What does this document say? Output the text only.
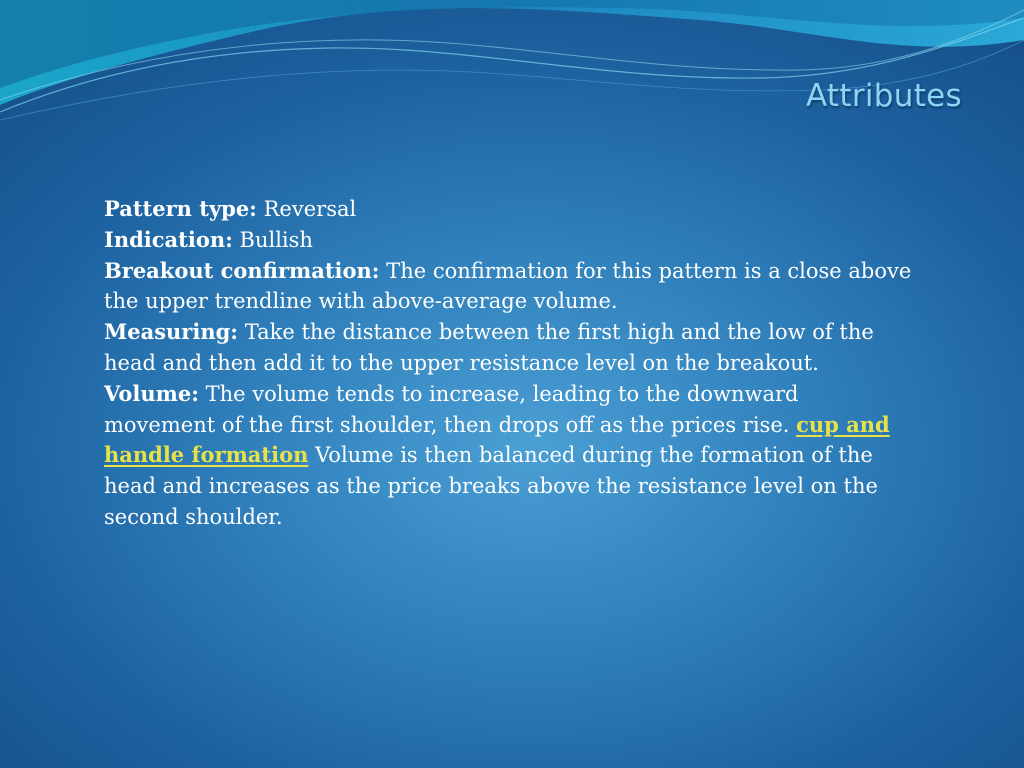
Attributes

Pattern type: Reversal

Indication: Bullish

Breakout confirmation: The confirmation for this pattern is a close above the upper trendline with above-average volume.

Measuring: Take the distance between the first high and the low of the head and then add it to the upper resistance level on the breakout.

Volume: The volume tends to increase, leading to the downward movement of the first shoulder, then drops off as the prices rise. cup and handle formation Volume is then balanced during the formation of the head and increases as the price breaks above the resistance level on the second shoulder.
